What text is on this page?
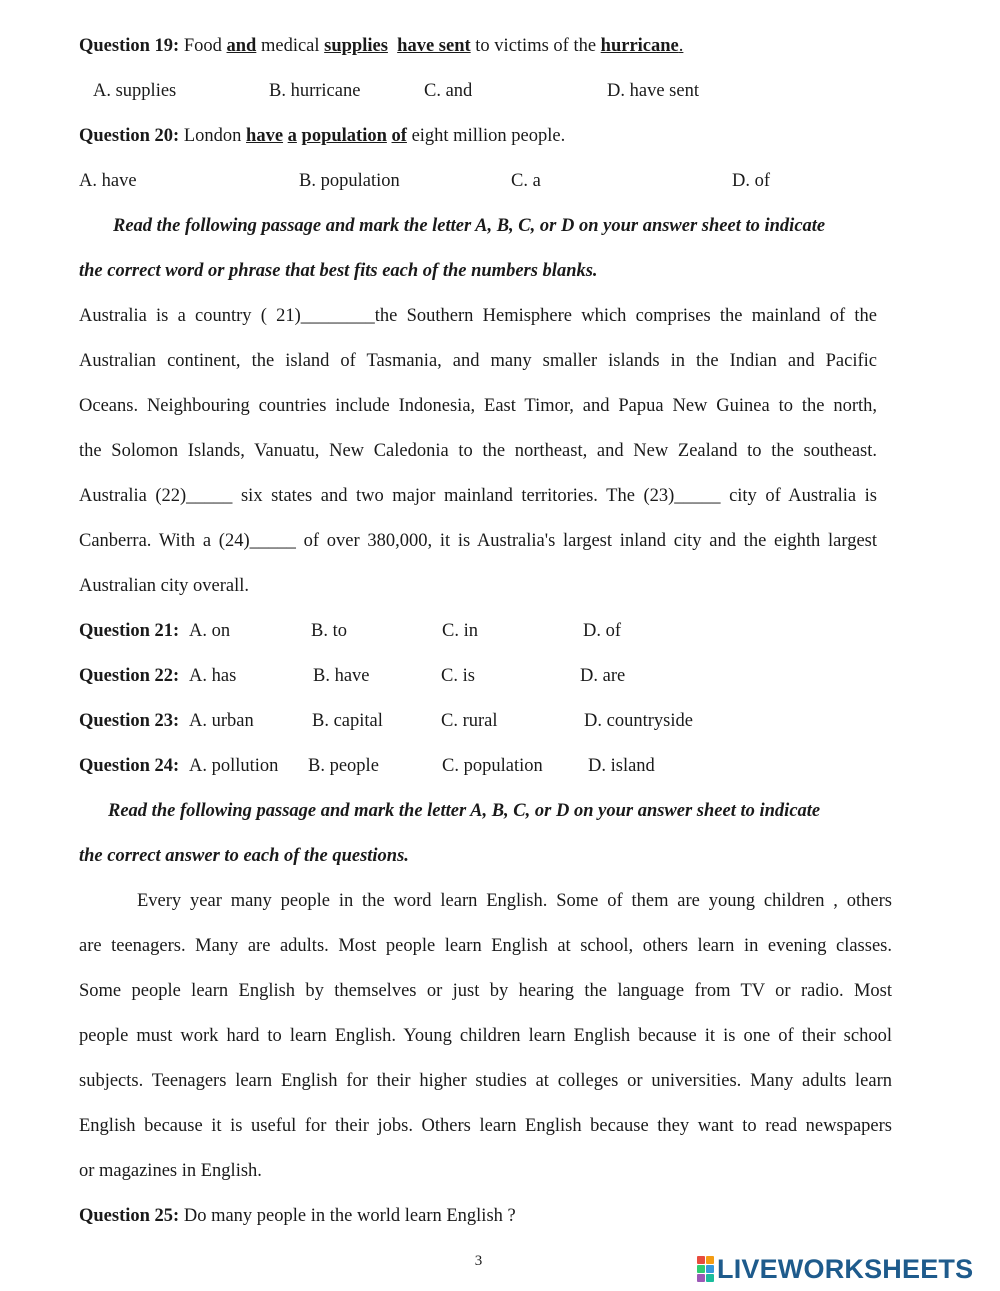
Question 19: Food and medical supplies have sent to victims of the hurricane.
A. supplies	B. hurricane	C. and	D. have sent
Question 20: London have a population of eight million people.
A. have	B. population	C. a	D. of
Read the following passage and mark the letter A, B, C, or D on your answer sheet to indicate
the correct word or phrase that best fits each of the numbers blanks.
Australia is a country ( 21)________the Southern Hemisphere which comprises the mainland of the
Australian continent, the island of Tasmania, and many smaller islands in the Indian and Pacific
Oceans. Neighbouring countries include Indonesia, East Timor, and Papua New Guinea to the north,
the Solomon Islands, Vanuatu, New Caledonia to the northeast, and New Zealand to the southeast.
Australia (22)_____ six states and two major mainland territories. The (23)_____ city of Australia is
Canberra. With a (24)_____ of over 380,000, it is Australia's largest inland city and the eighth largest
Australian city overall.
Question 21: A. on	B. to	C. in	D. of
Question 22: A. has	B. have	C. is	D. are
Question 23: A. urban	B. capital	C. rural	D. countryside
Question 24: A. pollution B. people	C. population D. island
Read the following passage and mark the letter A, B, C, or D on your answer sheet to indicate
the correct answer to each of the questions.
Every year many people in the word learn English. Some of them are young children , others
are teenagers. Many are adults. Most people learn English at school, others learn in evening classes.
Some people learn English by themselves or just by hearing the language from TV or radio. Most
people must work hard to learn English. Young children learn English because it is one of their school
subjects. Teenagers learn English for their higher studies at colleges or universities. Many adults learn
English because it is useful for their jobs. Others learn English because they want to read newspapers
or magazines in English.
Question 25: Do many people in the world learn English ?
3	LIVEWORKSHEETS
